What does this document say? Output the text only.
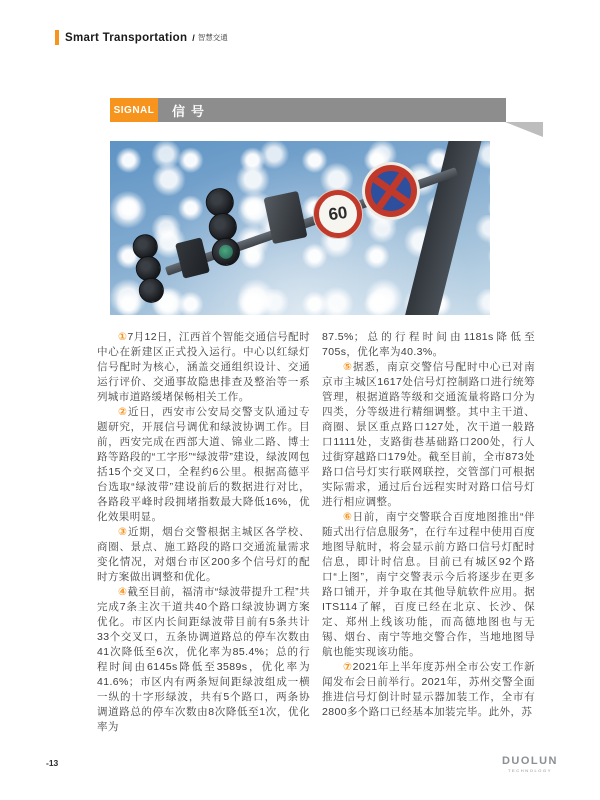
Smart Transportation / 智慧交通
SIGNAL	信号
60

①7月12日，江西首个智能交通信号配时中心在新建区正式投入运行。中心以红绿灯信号配时为核心，涵盖交通组织设计、交通运行评价、交通事故隐患排查及整治等一系列城市道路缓堵保畅相关工作。

②近日，西安市公安局交警支队通过专题研究，开展信号调优和绿波协调工作。目前，西安完成在西部大道、锦业二路、博士路等路段的“工字形”“绿波带”建设，绿波网包括15个交叉口，全程约6公里。根据高德平台选取“绿波带”建设前后的数据进行对比，各路段平峰时段拥堵指数最大降低16%，优化效果明显。

③近期，烟台交警根据主城区各学校、商圈、景点、施工路段的路口交通流量需求变化情况，对烟台市区200多个信号灯的配时方案做出调整和优化。

④截至目前，福清市“绿波带提升工程”共完成7条主次干道共40个路口绿波协调方案优化。市区内长间距绿波带目前有5条共计33个交叉口，五条协调道路总的停车次数由41次降低至6次，优化率为85.4%；总的行程时间由6145s降低至3589s，优化率为41.6%；市区内有两条短间距绿波组成一横一纵的十字形绿波，共有5个路口，两条协调道路总的停车次数由8次降低至1次，优化率为

87.5%；总的行程时间由1181s降低至705s，优化率为40.3%。

⑤据悉，南京交警信号配时中心已对南京市主城区1617处信号灯控制路口进行统筹管理，根据道路等级和交通流量将路口分为四类，分等级进行精细调整。其中主干道、商圈、景区重点路口127处，次干道一般路口1111处，支路街巷基础路口200处，行人过街穿越路口179处。截至目前，全市873处路口信号灯实行联网联控，交管部门可根据实际需求，通过后台远程实时对路口信号灯进行相应调整。

⑥日前，南宁交警联合百度地图推出“伴随式出行信息服务”，在行车过程中使用百度地图导航时，将会显示前方路口信号灯配时信息，即计时信息。目前已有城区92个路口“上图”，南宁交警表示今后将逐步在更多路口铺开，并争取在其他导航软件应用。据ITS114了解，百度已经在北京、长沙、保定、郑州上线该功能，而高德地图也与无锡、烟台、南宁等地交警合作，当地地图导航也能实现该功能。

⑦2021年上半年度苏州全市公安工作新闻发布会日前举行。2021年，苏州交警全面推进信号灯倒计时显示器加装工作，全市有2800多个路口已经基本加装完毕。此外，苏

-13	DUOLUN
TECHNOLOGY
